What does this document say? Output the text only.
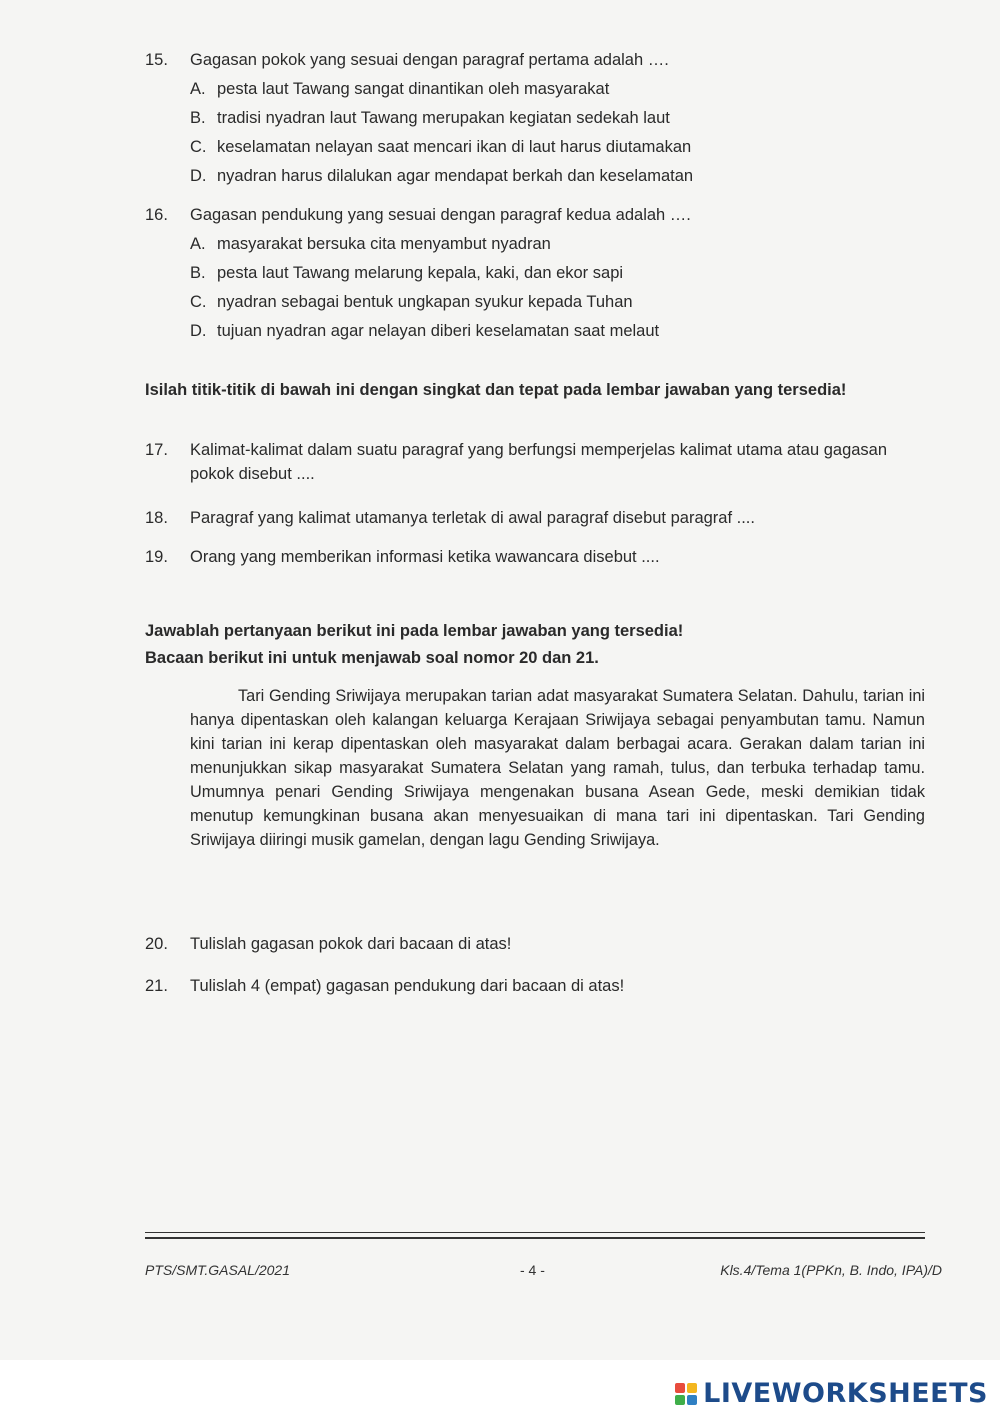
15.	Gagasan pokok yang sesuai dengan paragraf pertama adalah ….
A. pesta laut Tawang sangat dinantikan oleh masyarakat
B. tradisi nyadran laut Tawang merupakan kegiatan sedekah laut
C. keselamatan nelayan saat mencari ikan di laut harus diutamakan
D. nyadran harus dilalukan agar mendapat berkah dan keselamatan
16.	Gagasan pendukung yang sesuai dengan paragraf kedua adalah ….
A. masyarakat bersuka cita menyambut nyadran
B. pesta laut Tawang melarung kepala, kaki, dan ekor sapi
C. nyadran sebagai bentuk ungkapan syukur kepada Tuhan
D. tujuan nyadran agar nelayan diberi keselamatan saat melaut
Isilah titik-titik di bawah ini dengan singkat dan tepat pada lembar jawaban yang tersedia!
17.	Kalimat-kalimat dalam suatu paragraf yang berfungsi memperjelas kalimat utama atau gagasan pokok disebut ....
18.	Paragraf yang kalimat utamanya terletak di awal paragraf disebut paragraf ....
19.	Orang yang memberikan informasi ketika wawancara disebut ....
Jawablah pertanyaan berikut ini pada lembar jawaban yang tersedia!
Bacaan berikut ini untuk menjawab soal nomor 20 dan 21.
Tari Gending Sriwijaya merupakan tarian adat masyarakat Sumatera Selatan. Dahulu, tarian ini hanya dipentaskan oleh kalangan keluarga Kerajaan Sriwijaya sebagai penyambutan tamu. Namun kini tarian ini kerap dipentaskan oleh masyarakat dalam berbagai acara. Gerakan dalam tarian ini menunjukkan sikap masyarakat Sumatera Selatan yang ramah, tulus, dan terbuka terhadap tamu. Umumnya penari Gending Sriwijaya mengenakan busana Asean Gede, meski demikian tidak menutup kemungkinan busana akan menyesuaikan di mana tari ini dipentaskan. Tari Gending Sriwijaya diiringi musik gamelan, dengan lagu Gending Sriwijaya.
20.	Tulislah gagasan pokok dari bacaan di atas!
21.	Tulislah 4 (empat) gagasan pendukung dari bacaan di atas!
PTS/SMT.GASAL/2021	- 4 -	Kls.4/Tema 1(PPKn, B. Indo, IPA)/D
LIVEWORKSHEETS
